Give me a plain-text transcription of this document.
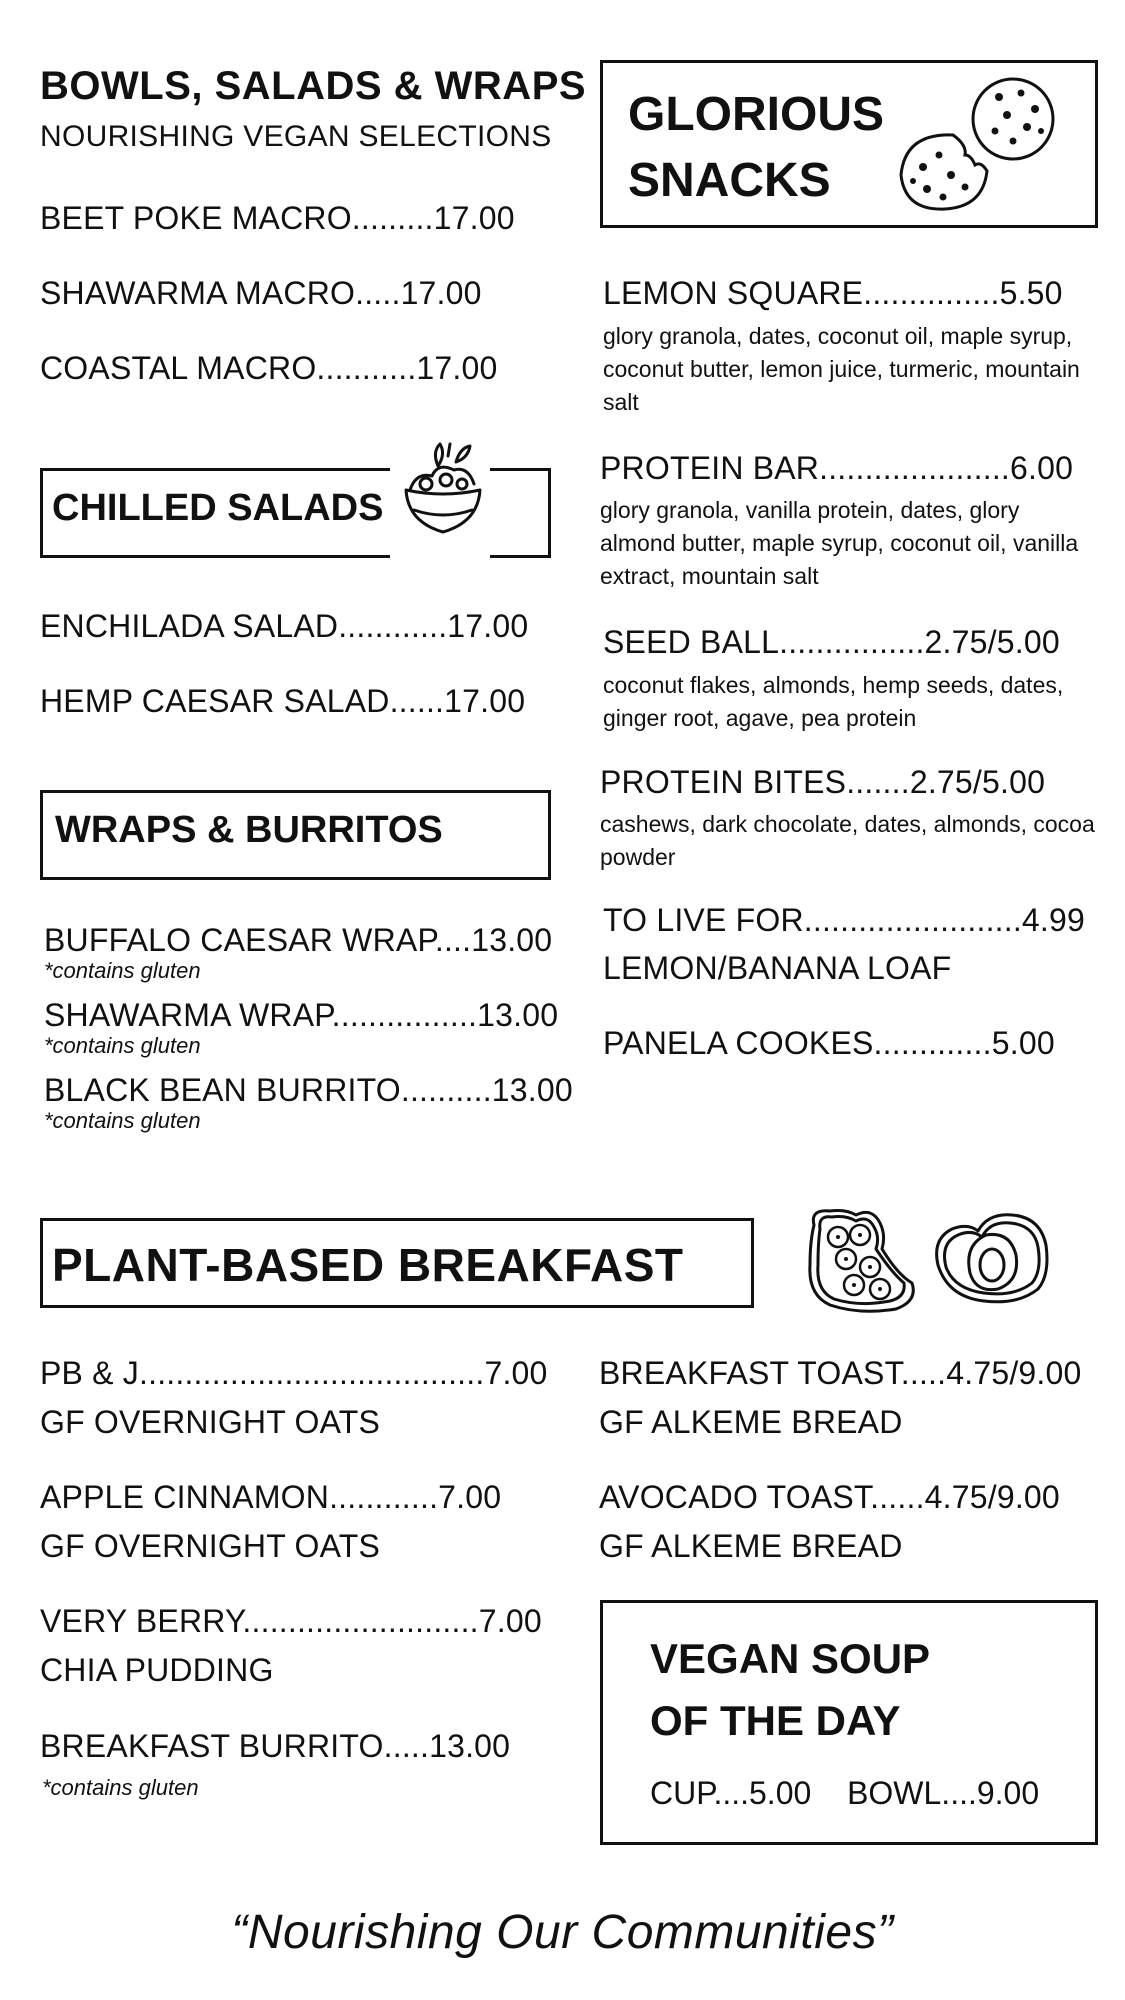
BOWLS, SALADS & WRAPS
NOURISHING VEGAN SELECTIONS
BEET POKE MACRO.........17.00
SHAWARMA MACRO.....17.00
COASTAL MACRO...........17.00
CHILLED SALADS
ENCHILADA SALAD............17.00
HEMP CAESAR SALAD......17.00
WRAPS & BURRITOS
BUFFALO CAESAR WRAP....13.00
*contains gluten
SHAWARMA WRAP................13.00
*contains gluten
BLACK BEAN BURRITO..........13.00
*contains gluten
GLORIOUS
SNACKS
LEMON SQUARE...............5.50
glory granola, dates, coconut oil, maple syrup, coconut butter, lemon juice, turmeric, mountain salt
PROTEIN BAR.....................6.00
glory granola, vanilla protein, dates, glory almond butter, maple syrup, coconut oil, vanilla extract, mountain salt
SEED BALL................2.75/5.00
coconut flakes, almonds, hemp seeds, dates, ginger root, agave, pea protein
PROTEIN BITES.......2.75/5.00
cashews, dark chocolate, dates, almonds, cocoa powder
TO LIVE FOR........................4.99
LEMON/BANANA LOAF
PANELA COOKES.............5.00
PLANT-BASED BREAKFAST
PB & J......................................7.00
GF OVERNIGHT OATS
APPLE CINNAMON............7.00
GF OVERNIGHT OATS
VERY BERRY..........................7.00
CHIA PUDDING
BREAKFAST BURRITO.....13.00
*contains gluten
BREAKFAST TOAST.....4.75/9.00
GF ALKEME BREAD
AVOCADO TOAST......4.75/9.00
GF ALKEME BREAD
VEGAN SOUP
OF THE DAY
CUP....5.00 BOWL....9.00
“Nourishing Our Communities”
